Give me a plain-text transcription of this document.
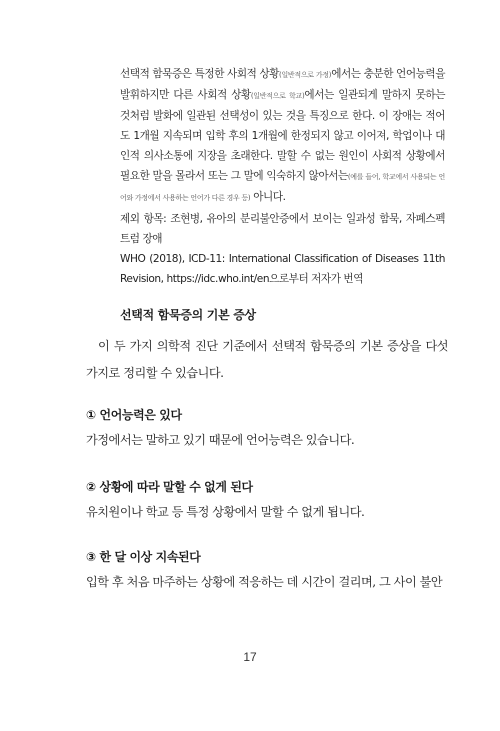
선택적 함묵증은 특정한 사회적 상황(일반적으로 가정)에서는 충분한 언어능력을 발휘하지만 다른 사회적 상황(일반적으로 학교)에서는 일관되게 말하지 못하는 것처럼 발화에 일관된 선택성이 있는 것을 특징으로 한다. 이 장애는 적어도 1개월 지속되며 입학 후의 1개월에 한정되지 않고 이어져, 학업이나 대인적 의사소통에 지장을 초래한다. 말할 수 없는 원인이 사회적 상황에서 필요한 말을 몰라서 또는 그 말에 익숙하지 않아서는(예를 들어, 학교에서 사용되는 언어와 가정에서 사용하는 언어가 다른 경우 등) 아니다.

제외 항목: 조현병, 유아의 분리불안증에서 보이는 일과성 함묵, 자폐스펙트럼 장애

WHO (2018), ICD-11: International Classification of Diseases 11th Revision, https://idc.who.int/en으로부터 저자가 번역

선택적 함묵증의 기본 증상
이 두 가지 의학적 진단 기준에서 선택적 함묵증의 기본 증상을 다섯 가지로 정리할 수 있습니다.
① 언어능력은 있다
가정에서는 말하고 있기 때문에 언어능력은 있습니다.
② 상황에 따라 말할 수 없게 된다
유치원이나 학교 등 특정 상황에서 말할 수 없게 됩니다.
③ 한 달 이상 지속된다
입학 후 처음 마주하는 상황에 적응하는 데 시간이 걸리며, 그 사이 불안
17
